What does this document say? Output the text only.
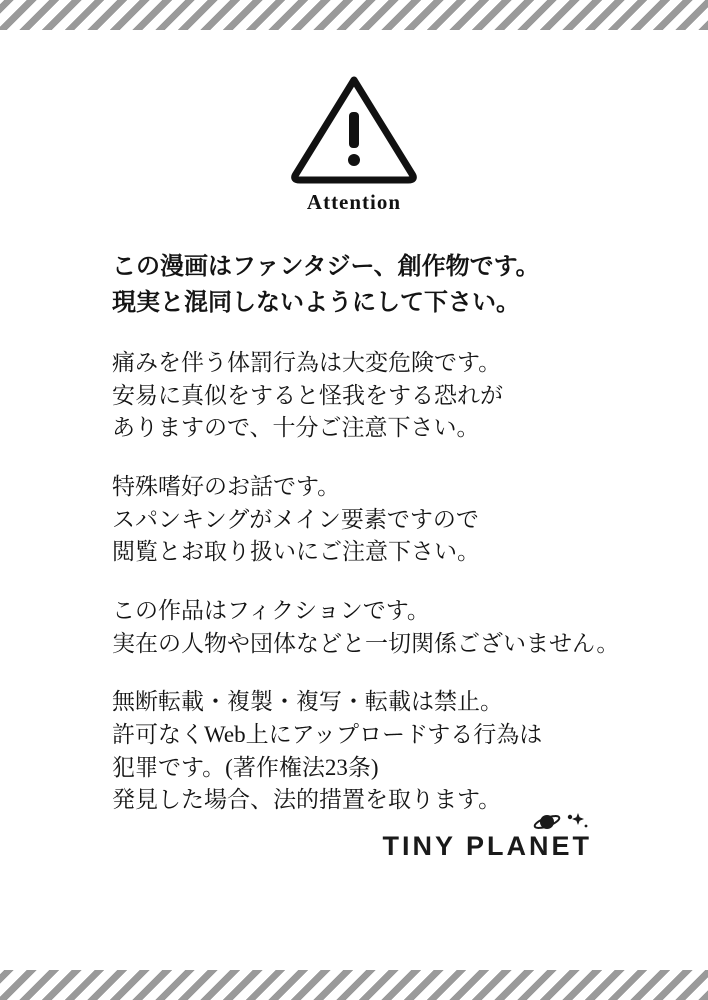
Attention
この漫画はファンタジー、創作物です。
現実と混同しないようにして下さい。
痛みを伴う体罰行為は大変危険です。
安易に真似をすると怪我をする恐れが
ありますので、十分ご注意下さい。
特殊嗜好のお話です。
スパンキングがメイン要素ですので
閲覧とお取り扱いにご注意下さい。
この作品はフィクションです。
実在の人物や団体などと一切関係ございません。
無断転載・複製・複写・転載は禁止。
許可なくWeb上にアップロードする行為は
犯罪です。(著作権法23条)
発見した場合、法的措置を取ります。
TINY PLANET
